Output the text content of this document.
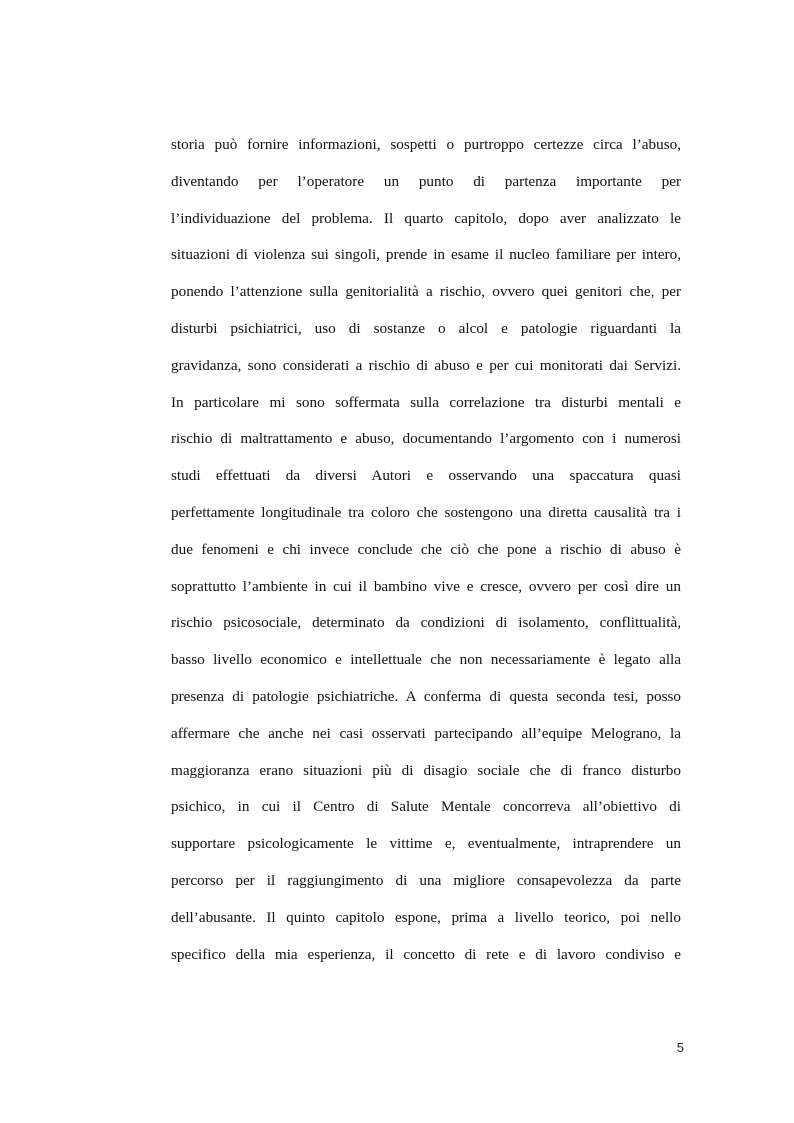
storia può fornire informazioni, sospetti o purtroppo certezze circa l’abuso,
diventando per l’operatore un punto di partenza importante per
l’individuazione del problema. Il quarto capitolo, dopo aver analizzato le
situazioni di violenza sui singoli, prende in esame il nucleo familiare per intero,
ponendo l’attenzione sulla genitorialità a rischio, ovvero quei genitori che, per
disturbi psichiatrici, uso di sostanze o alcol e patologie riguardanti la
gravidanza, sono considerati a rischio di abuso e per cui monitorati dai Servizi.
In particolare mi sono soffermata sulla correlazione tra disturbi mentali e
rischio di maltrattamento e abuso, documentando l’argomento con i numerosi
studi effettuati da diversi Autori e osservando una spaccatura quasi
perfettamente longitudinale tra coloro che sostengono una diretta causalità tra i
due fenomeni e chi invece conclude che ciò che pone a rischio di abuso è
soprattutto l’ambiente in cui il bambino vive e cresce, ovvero per così dire un
rischio psicosociale, determinato da condizioni di isolamento, conflittualità,
basso livello economico e intellettuale che non necessariamente è legato alla
presenza di patologie psichiatriche. A conferma di questa seconda tesi, posso
affermare che anche nei casi osservati partecipando all’equipe Melograno, la
maggioranza erano situazioni più di disagio sociale che di franco disturbo
psichico, in cui il Centro di Salute Mentale concorreva all’obiettivo di
supportare psicologicamente le vittime e, eventualmente, intraprendere un
percorso per il raggiungimento di una migliore consapevolezza da parte
dell’abusante. Il quinto capitolo espone, prima a livello teorico, poi nello
specifico della mia esperienza, il concetto di rete e di lavoro condiviso e
5
